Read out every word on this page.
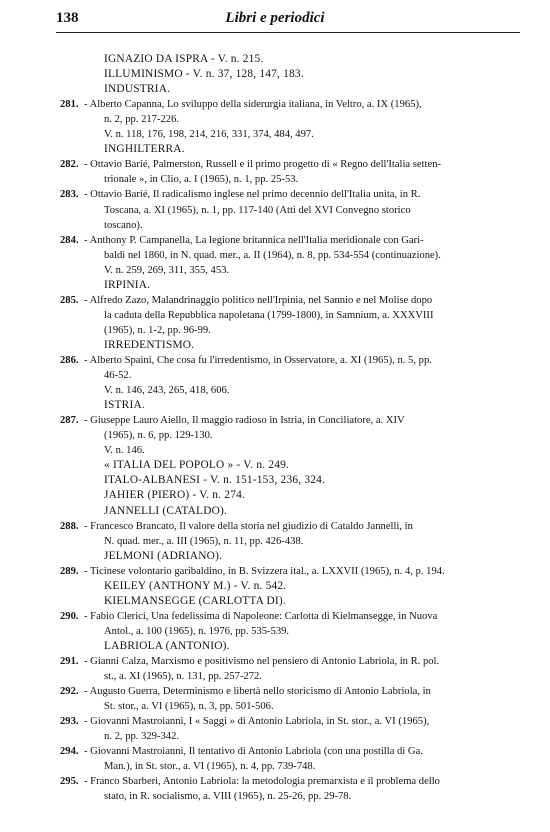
138	Libri e periodici
IGNAZIO DA ISPRA - V. n. 215.
ILLUMINISMO - V. n. 37, 128, 147, 183.
INDUSTRIA.
281. - Alberto Capanna, Lo sviluppo della siderurgia italiana, in Veltro, a. IX (1965),
n. 2, pp. 217-226.
V. n. 118, 176, 198, 214, 216, 331, 374, 484, 497.
INGHILTERRA.
282. - Ottavio Barié, Palmerston, Russell e il primo progetto di « Regno dell'Italia setten-
trionale », in Clio, a. I (1965), n. 1, pp. 25-53.
283. - Ottavio Barié, Il radicalismo inglese nel primo decennio dell'Italia unita, in R.
Toscana, a. XI (1965), n. 1, pp. 117-140 (Atti del XVI Convegno storico
toscano).
284. - Anthony P. Campanella, La legione britannica nell'Italia meridionale con Gari-
baldi nel 1860, in N. quad. mer., a. II (1964), n. 8, pp. 534-554 (continuazione).
V. n. 259, 269, 311, 355, 453.
IRPINIA.
285. - Alfredo Zazo, Malandrinaggio politico nell'Irpinia, nel Sannio e nel Molise dopo
la caduta della Repubblica napoletana (1799-1800), in Samnium, a. XXXVIII
(1965), n. 1-2, pp. 96-99.
IRREDENTISMO.
286. - Alberto Spaini, Che cosa fu l'irredentismo, in Osservatore, a. XI (1965), n. 5, pp.
46-52.
V. n. 146, 243, 265, 418, 606.
ISTRIA.
287. - Giuseppe Lauro Aiello, Il maggio radioso in Istria, in Conciliatore, a. XIV
(1965), n. 6, pp. 129-130.
V. n. 146.
« ITALIA DEL POPOLO » - V. n. 249.
ITALO-ALBANESI - V. n. 151-153, 236, 324.
JAHIER (PIERO) - V. n. 274.
JANNELLI (CATALDO).
288. - Francesco Brancato, Il valore della storia nel giudizio di Cataldo Jannelli, in
N. quad. mer., a. III (1965), n. 11, pp. 426-438.
JELMONI (ADRIANO).
289. - Ticinese volontario garibaldino, in B. Svizzera ital., a. LXXVII (1965), n. 4, p. 194.
KEILEY (ANTHONY M.) - V. n. 542.
KIELMANSEGGE (CARLOTTA DI).
290. - Fabio Clerici, Una fedelissima di Napoleone: Carlotta di Kielmansegge, in Nuova
Antol., a. 100 (1965), n. 1976, pp. 535-539.
LABRIOLA (ANTONIO).
291. - Gianni Calza, Marxismo e positivismo nel pensiero di Antonio Labriola, in R. pol.
st., a. XI (1965), n. 131, pp. 257-272.
292. - Augusto Guerra, Determinismo e libertà nello storicismo di Antonio Labriola, in
St. stor., a. VI (1965), n. 3, pp. 501-506.
293. - Giovanni Mastroianni, I « Saggi » di Antonio Labriola, in St. stor., a. VI (1965),
n. 2, pp. 329-342.
294. - Giovanni Mastroianni, Il tentativo di Antonio Labriola (con una postilla di Ga.
Man.), in St. stor., a. VI (1965), n. 4, pp. 739-748.
295. - Franco Sbarberi, Antonio Labriola: la metodologia premarxista e il problema dello
stato, in R. socialismo, a. VIII (1965), n. 25-26, pp. 29-78.
